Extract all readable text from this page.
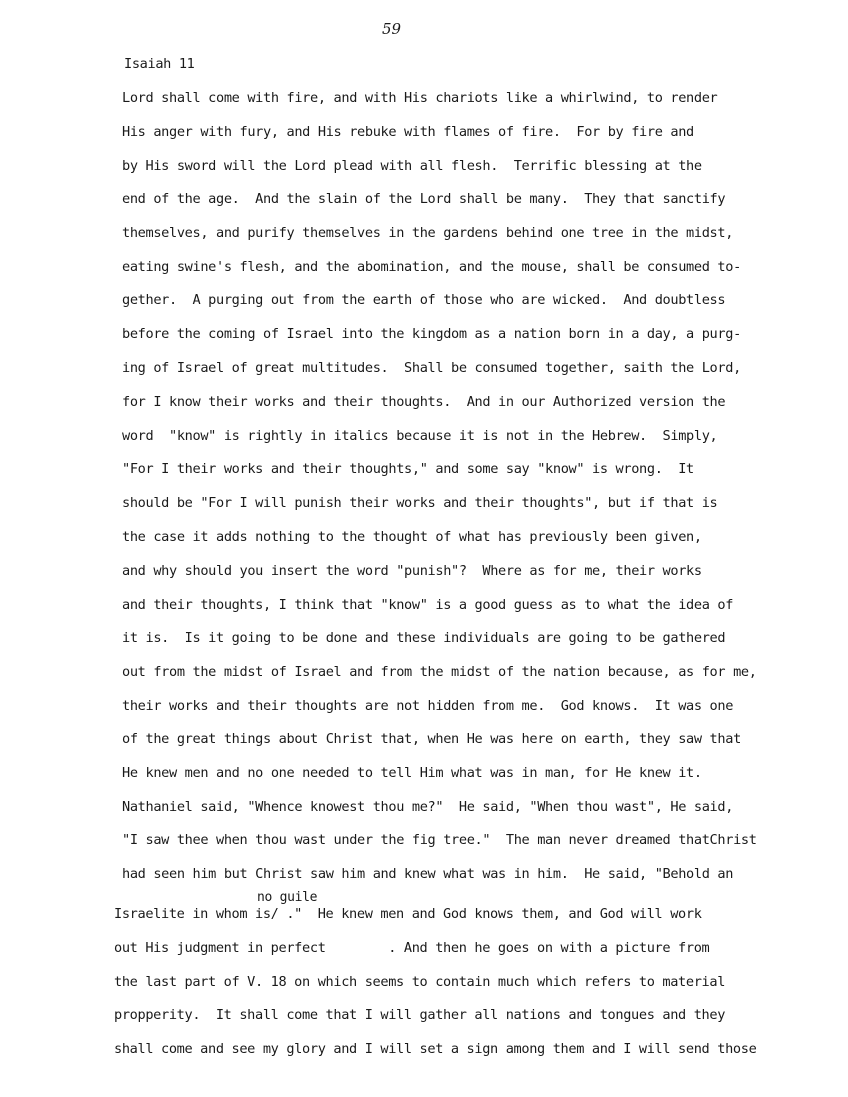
59
Isaiah 11
Lord shall come with fire, and with His chariots like a whirlwind, to render
His anger with fury, and His rebuke with flames of fire.  For by fire and
by His sword will the Lord plead with all flesh.  Terrific blessing at the
end of the age.  And the slain of the Lord shall be many.  They that sanctify
themselves, and purify themselves in the gardens behind one tree in the midst,
eating swine's flesh, and the abomination, and the mouse, shall be consumed to-
gether.  A purging out from the earth of those who are wicked.  And doubtless
before the coming of Israel into the kingdom as a nation born in a day, a purg-
ing of Israel of great multitudes.  Shall be consumed together, saith the Lord,
for I know their works and their thoughts.  And in our Authorized version the
word  "know" is rightly in italics because it is not in the Hebrew.  Simply,
"For I their works and their thoughts," and some say "know" is wrong.  It
should be "For I will punish their works and their thoughts", but if that is
the case it adds nothing to the thought of what has previously been given,
and why should you insert the word "punish"?  Where as for me, their works
and their thoughts, I think that "know" is a good guess as to what the idea of
it is.  Is it going to be done and these individuals are going to be gathered
out from the midst of Israel and from the midst of the nation because, as for me,
their works and their thoughts are not hidden from me.  God knows.  It was one
of the great things about Christ that, when He was here on earth, they saw that
He knew men and no one needed to tell Him what was in man, for He knew it.
Nathaniel said, "Whence knowest thou me?"  He said, "When thou wast", He said,
"I saw thee when thou wast under the fig tree."  The man never dreamed thatChrist
had seen him but Christ saw him and knew what was in him.  He said, "Behold an
no guile
Israelite in whom is/ ."  He knew men and God knows them, and God will work
out His judgment in perfect        . And then he goes on with a picture from
the last part of V. 18 on which seems to contain much which refers to material
propperity.  It shall come that I will gather all nations and tongues and they
shall come and see my glory and I will set a sign among them and I will send those
